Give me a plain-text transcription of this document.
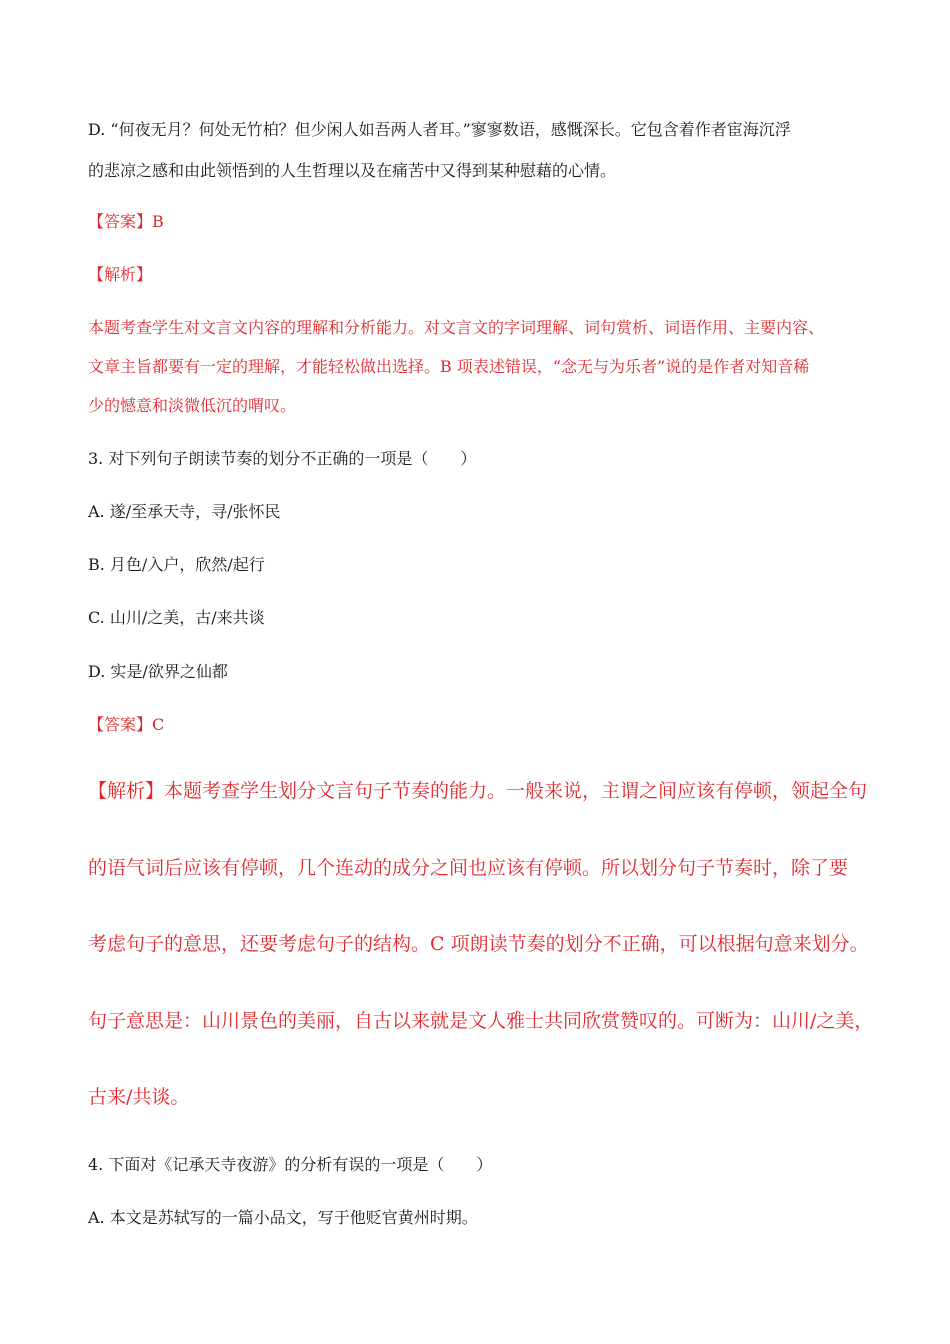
D. “何夜无月？何处无竹柏？但少闲人如吾两人者耳。”寥寥数语，感慨深长。它包含着作者宦海沉浮

的悲凉之感和由此领悟到的人生哲理以及在痛苦中又得到某种慰藉的心情。

【答案】B

【解析】

本题考查学生对文言文内容的理解和分析能力。对文言文的字词理解、词句赏析、词语作用、主要内容、

文章主旨都要有一定的理解，才能轻松做出选择。B 项表述错误，“念无与为乐者”说的是作者对知音稀

少的憾意和淡微低沉的喟叹。

3. 对下列句子朗读节奏的划分不正确的一项是（　　）

A. 遂/至承天寺，寻/张怀民

B. 月色/入户，欣然/起行

C. 山川/之美，古/来共谈

D. 实是/欲界之仙都

【答案】C

【解析】本题考查学生划分文言句子节奏的能力。一般来说，主谓之间应该有停顿，领起全句

的语气词后应该有停顿，几个连动的成分之间也应该有停顿。所以划分句子节奏时，除了要

考虑句子的意思，还要考虑句子的结构。C 项朗读节奏的划分不正确，可以根据句意来划分。

句子意思是：山川景色的美丽，自古以来就是文人雅士共同欣赏赞叹的。可断为：山川/之美，

古来/共谈。

4. 下面对《记承天寺夜游》的分析有误的一项是（　　）

A. 本文是苏轼写的一篇小品文，写于他贬官黄州时期。
